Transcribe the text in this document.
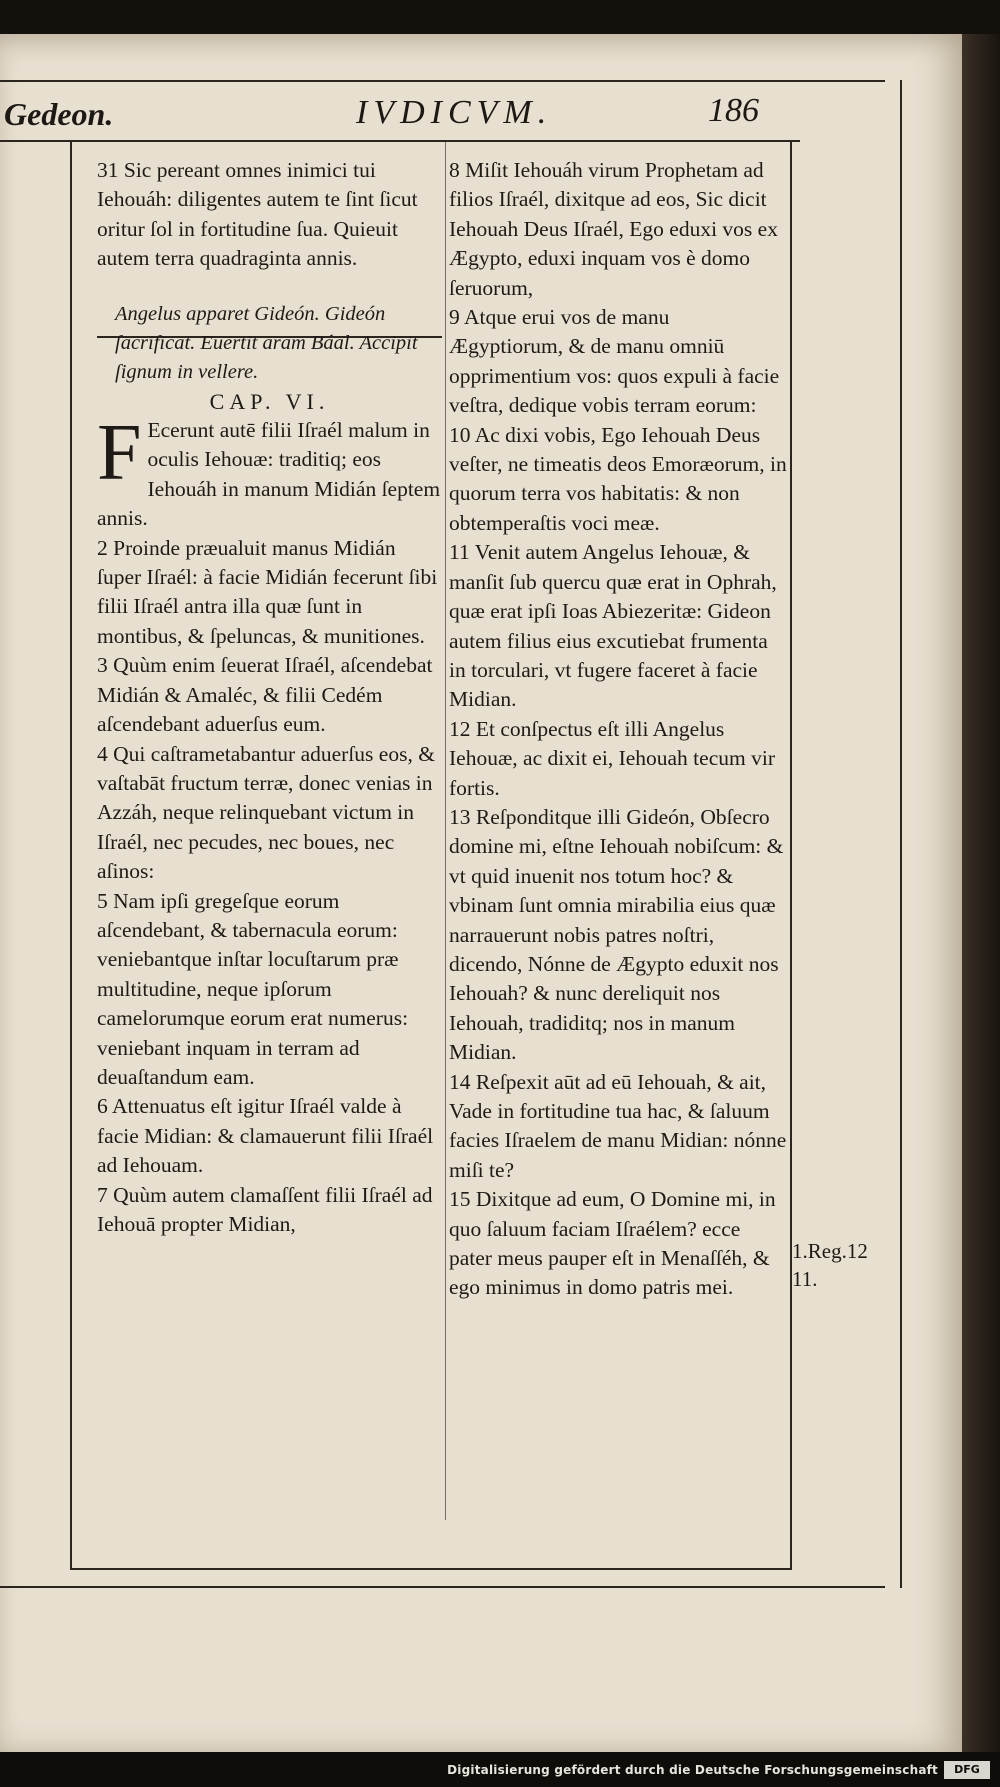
Gedeon.	IVDICVM.	186

31 Sic pereant omnes inimici tui Iehouáh: diligentes autem te ſint ſicut oritur ſol in fortitudine ſua. Quieuit autem terra quadraginta annis.

Angelus apparet Gideón. Gideón ſacrificat. Euertit aram Báal. Accipit ſignum in vellere.

CAP. VI.

F Ecerunt autē filii Iſraél malum in oculis Iehouæ: traditiq; eos Iehouáh in manum Midián ſeptem annis.

2 Proinde præualuit manus Midián ſuper Iſraél: à facie Midián fecerunt ſibi filii Iſraél antra illa quæ ſunt in montibus, & ſpeluncas, & munitiones.

3 Quùm enim ſeuerat Iſraél, aſcendebat Midián & Amaléc, & filii Cedém aſcendebant aduerſus eum.

4 Qui caſtrametabantur aduerſus eos, & vaſtabāt fructum terræ, donec venias in Azzáh, neque relinquebant victum in Iſraél, nec pecudes, nec boues, nec aſinos:

5 Nam ipſi gregeſque eorum aſcendebant, & tabernacula eorum: veniebantque inſtar locuſtarum præ multitudine, neque ipſorum camelorumque eorum erat numerus: veniebant inquam in terram ad deuaſtandum eam.

6 Attenuatus eſt igitur Iſraél valde à facie Midian: & clamauerunt filii Iſraél ad Iehouam.

7 Quùm autem clamaſſent filii Iſraél ad Iehouā propter Midian,

8 Miſit Iehouáh virum Prophetam ad filios Iſraél, dixitque ad eos, Sic dicit Iehouah Deus Iſraél, Ego eduxi vos ex Ægypto, eduxi inquam vos è domo ſeruorum,

9 Atque erui vos de manu Ægyptiorum, & de manu omniū opprimentium vos: quos expuli à facie veſtra, dedique vobis terram eorum:

10 Ac dixi vobis, Ego Iehouah Deus veſter, ne timeatis deos Emoræorum, in quorum terra vos habitatis: & non obtemperaſtis voci meæ.

11 Venit autem Angelus Iehouæ, & manſit ſub quercu quæ erat in Ophrah, quæ erat ipſi Ioas Abiezeritæ: Gideon autem filius eius excutiebat frumenta in torculari, vt fugere faceret à facie Midian.

12 Et conſpectus eſt illi Angelus Iehouæ, ac dixit ei, Iehouah tecum vir fortis.

13 Reſponditque illi Gideón, Obſecro domine mi, eſtne Iehouah nobiſcum: & vt quid inuenit nos totum hoc? & vbinam ſunt omnia mirabilia eius quæ narrauerunt nobis patres noſtri, dicendo, Nónne de Ægypto eduxit nos Iehouah? & nunc dereliquit nos Iehouah, tradiditq; nos in manum Midian.

14 Reſpexit aūt ad eū Iehouah, & ait, Vade in fortitudine tua hac, & ſaluum facies Iſraelem de manu Midian: nónne miſi te?

15 Dixitque ad eum, O Domine mi, in quo ſaluum faciam Iſraélem? ecce pater meus pauper eſt in Menaſſéh, & ego minimus in domo patris mei.

1.Reg.12 11.
Digitalisierung gefördert durch die Deutsche Forschungsgemeinschaft	DFG
